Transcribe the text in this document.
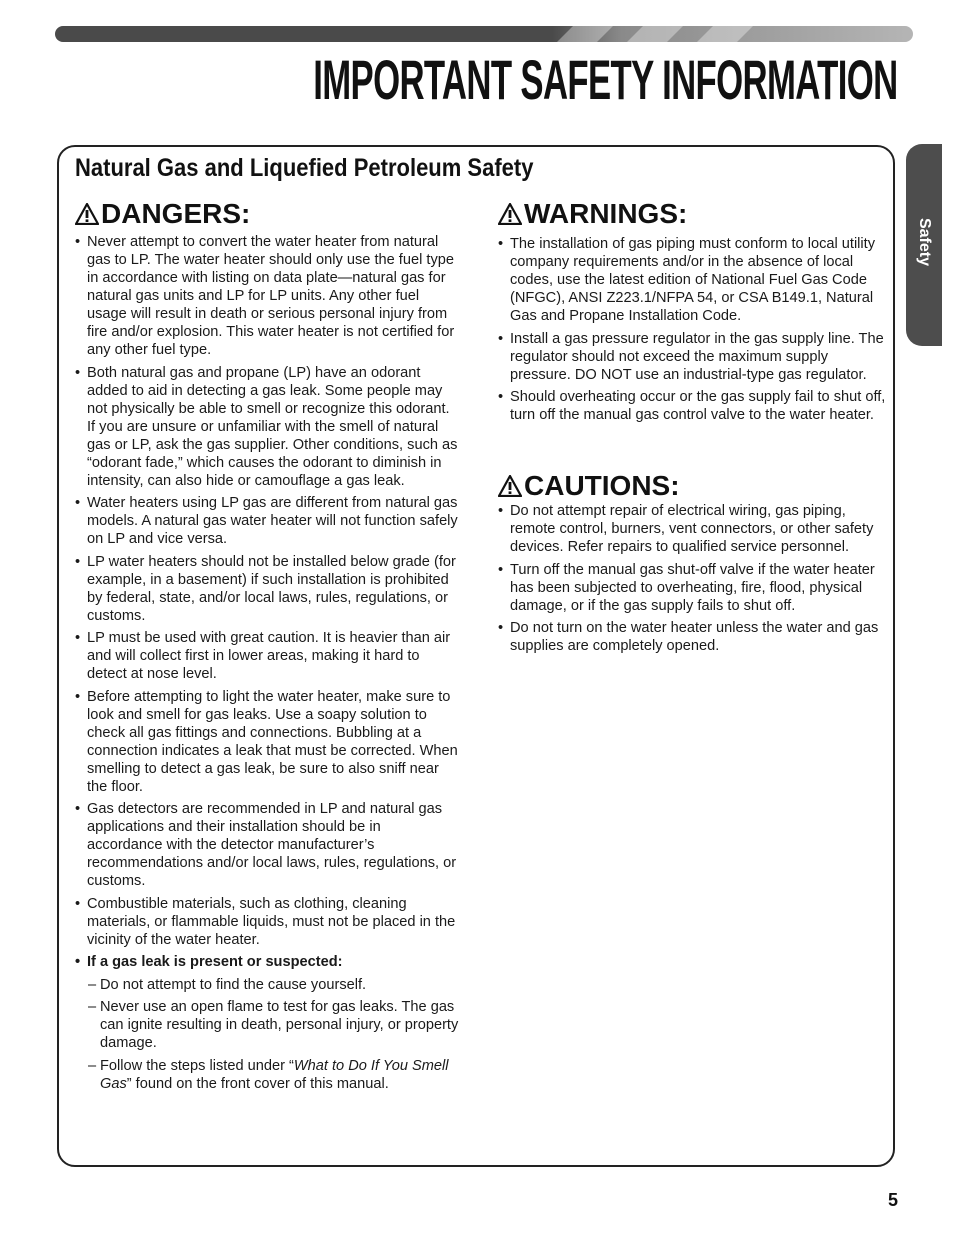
IMPORTANT SAFETY INFORMATION
Safety
Natural Gas and Liquefied Petroleum Safety
DANGERS:
• Never attempt to convert the water heater from natural gas to LP. The water heater should only use the fuel type in accordance with listing on data plate—natural gas for natural gas units and LP for LP units. Any other fuel usage will result in death or serious personal injury from fire and/or explosion. This water heater is not certified for any other fuel type.
• Both natural gas and propane (LP) have an odorant added to aid in detecting a gas leak. Some people may not physically be able to smell or recognize this odorant. If you are unsure or unfamiliar with the smell of natural gas or LP, ask the gas supplier. Other conditions, such as “odorant fade,” which causes the odorant to diminish in intensity, can also hide or camouflage a gas leak.
• Water heaters using LP gas are different from natural gas models. A natural gas water heater will not function safely on LP and vice versa.
• LP water heaters should not be installed below grade (for example, in a basement) if such installation is prohibited by federal, state, and/or local laws, rules, regulations, or customs.
• LP must be used with great caution. It is heavier than air and will collect first in lower areas, making it hard to detect at nose level.
• Before attempting to light the water heater, make sure to look and smell for gas leaks. Use a soapy solution to check all gas fittings and connections. Bubbling at a connection indicates a leak that must be corrected. When smelling to detect a gas leak, be sure to also sniff near the floor.
• Gas detectors are recommended in LP and natural gas applications and their installation should be in accordance with the detector manufacturer’s recommendations and/or local laws, rules, regulations, or customs.
• Combustible materials, such as clothing, cleaning materials, or flammable liquids, must not be placed in the vicinity of the water heater.
• If a gas leak is present or suspected:
– Do not attempt to find the cause yourself.
– Never use an open flame to test for gas leaks. The gas can ignite resulting in death, personal injury, or property damage.
– Follow the steps listed under “What to Do If You Smell Gas” found on the front cover of this manual.
WARNINGS:
• The installation of gas piping must conform to local utility company requirements and/or in the absence of local codes, use the latest edition of National Fuel Gas Code (NFGC), ANSI Z223.1/NFPA 54, or CSA B149.1, Natural Gas and Propane Installation Code.
• Install a gas pressure regulator in the gas supply line. The regulator should not exceed the maximum supply pressure. DO NOT use an industrial-type gas regulator.
• Should overheating occur or the gas supply fail to shut off, turn off the manual gas control valve to the water heater.
CAUTIONS:
• Do not attempt repair of electrical wiring, gas piping, remote control, burners, vent connectors, or other safety devices. Refer repairs to qualified service personnel.
• Turn off the manual gas shut-off valve if the water heater has been subjected to overheating, fire, flood, physical damage, or if the gas supply fails to shut off.
• Do not turn on the water heater unless the water and gas supplies are completely opened.
5
